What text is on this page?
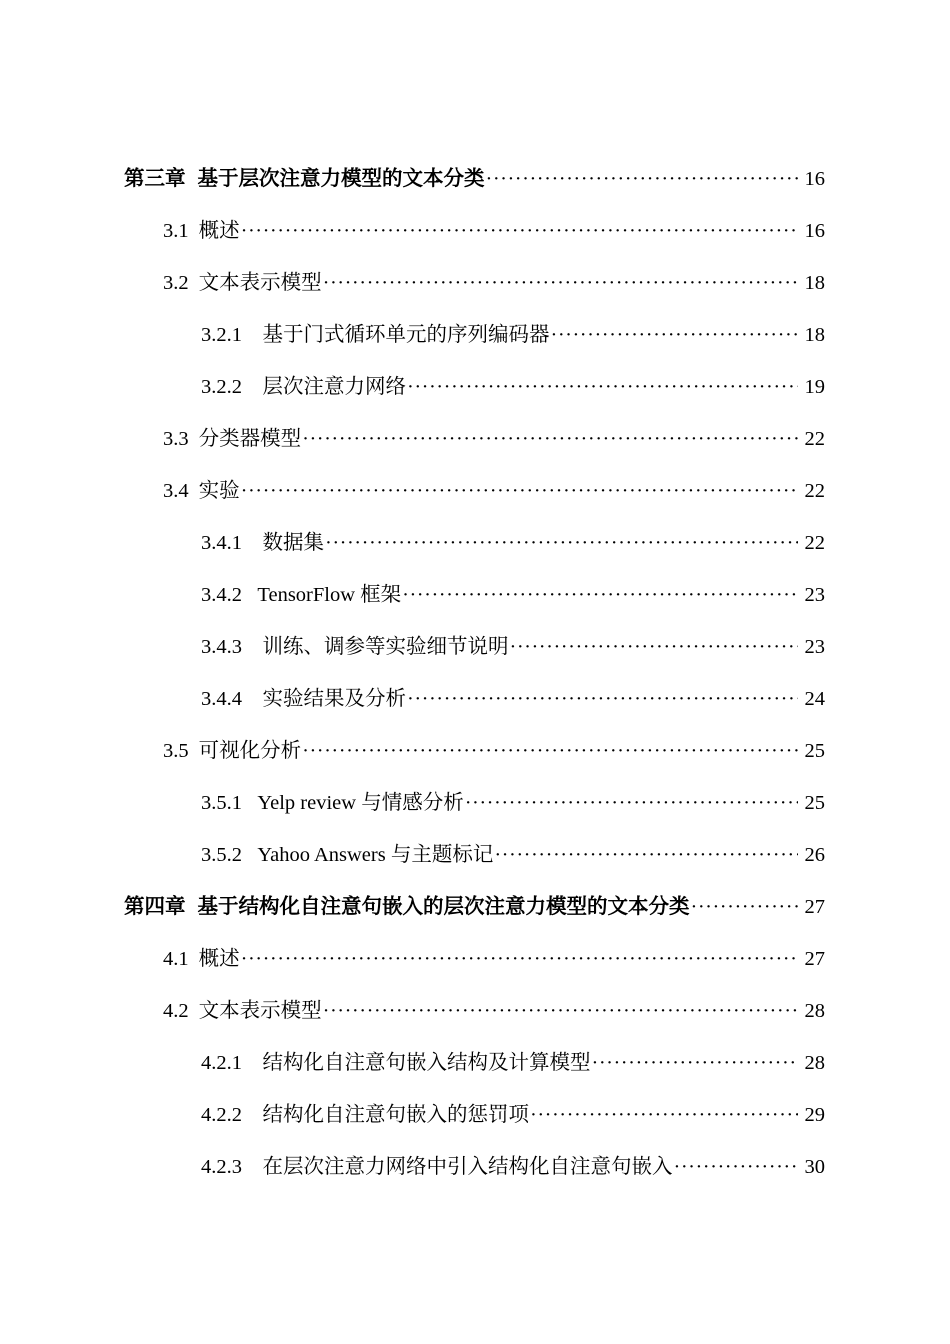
第三章 基于层次注意力模型的文本分类 ·····	16
3.1 概述 ·····	16
3.2 文本表示模型 ·····	18
3.2.1 基于门式循环单元的序列编码器 ·····	18
3.2.2 层次注意力网络 ·····	19
3.3 分类器模型 ·····	22
3.4 实验 ·····	22
3.4.1 数据集 ·····	22
3.4.2 TensorFlow 框架 ·····	23
3.4.3 训练、调参等实验细节说明 ·····	23
3.4.4 实验结果及分析 ·····	24
3.5 可视化分析 ·····	25
3.5.1 Yelp review 与情感分析 ·····	25
3.5.2 Yahoo Answers 与主题标记 ·····	26
第四章 基于结构化自注意句嵌入的层次注意力模型的文本分类 ·····	27
4.1 概述 ·····	27
4.2 文本表示模型 ·····	28
4.2.1 结构化自注意句嵌入结构及计算模型 ·····	28
4.2.2 结构化自注意句嵌入的惩罚项 ·····	29
4.2.3 在层次注意力网络中引入结构化自注意句嵌入 ·····	30
